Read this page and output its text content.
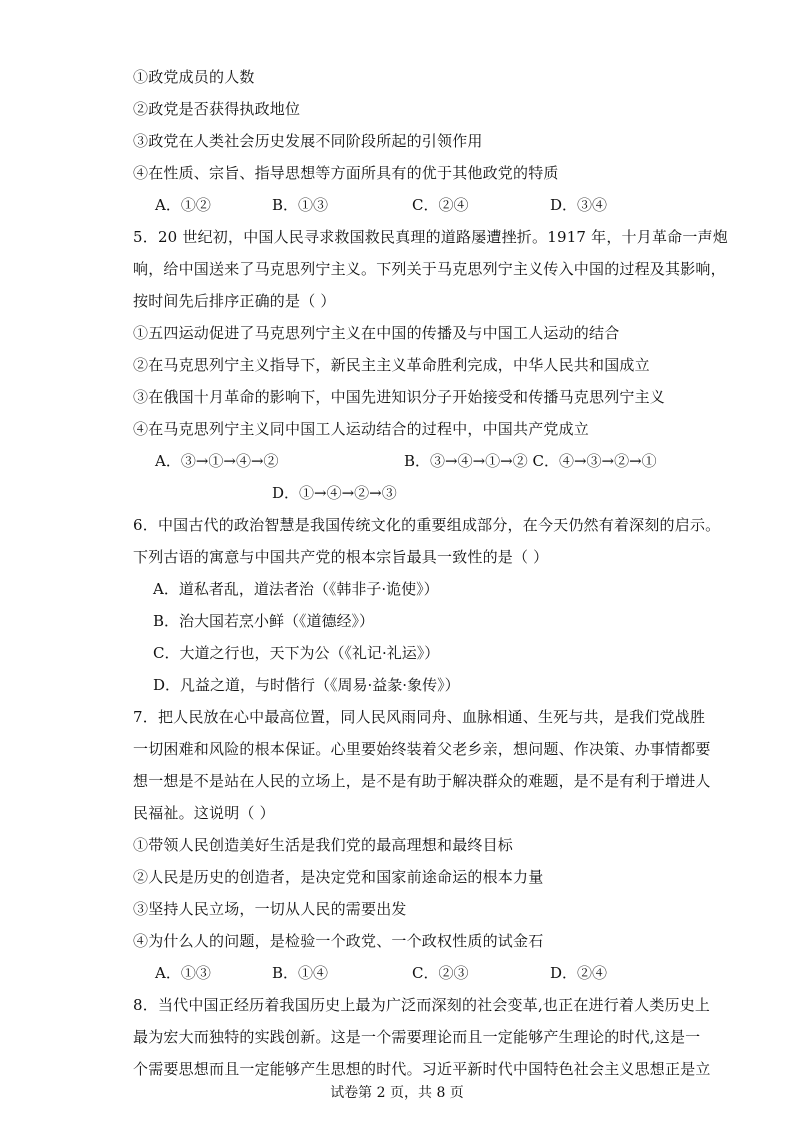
①政党成员的人数
②政党是否获得执政地位
③政党在人类社会历史发展不同阶段所起的引领作用
④在性质、宗旨、指导思想等方面所具有的优于其他政党的特质
A．①②	B．①③	C．②④	D．③④
5．20 世纪初，中国人民寻求救国救民真理的道路屡遭挫折。1917 年，十月革命一声炮
响，给中国送来了马克思列宁主义。下列关于马克思列宁主义传入中国的过程及其影响，
按时间先后排序正确的是（ ）
①五四运动促进了马克思列宁主义在中国的传播及与中国工人运动的结合
②在马克思列宁主义指导下，新民主主义革命胜利完成，中华人民共和国成立
③在俄国十月革命的影响下，中国先进知识分子开始接受和传播马克思列宁主义
④在马克思列宁主义同中国工人运动结合的过程中，中国共产党成立
A．③→①→④→②	B．③→④→①→② C．④→③→②→①
D．①→④→②→③
6．中国古代的政治智慧是我国传统文化的重要组成部分，在今天仍然有着深刻的启示。
下列古语的寓意与中国共产党的根本宗旨最具一致性的是（ ）
A．道私者乱，道法者治（《韩非子·诡使》）
B．治大国若烹小鲜（《道德经》）
C．大道之行也，天下为公（《礼记·礼运》）
D．凡益之道，与时偕行（《周易·益彖·象传》）
7．把人民放在心中最高位置，同人民风雨同舟、血脉相通、生死与共，是我们党战胜
一切困难和风险的根本保证。心里要始终装着父老乡亲，想问题、作决策、办事情都要
想一想是不是站在人民的立场上，是不是有助于解决群众的难题，是不是有利于增进人
民福祉。这说明（ ）
①带领人民创造美好生活是我们党的最高理想和最终目标
②人民是历史的创造者，是决定党和国家前途命运的根本力量
③坚持人民立场，一切从人民的需要出发
④为什么人的问题，是检验一个政党、一个政权性质的试金石
A．①③	B．①④	C．②③	D．②④
8．当代中国正经历着我国历史上最为广泛而深刻的社会变革,也正在进行着人类历史上
最为宏大而独特的实践创新。这是一个需要理论而且一定能够产生理论的时代,这是一
个需要思想而且一定能够产生思想的时代。习近平新时代中国特色社会主义思想正是立
试卷第 2 页，共 8 页
